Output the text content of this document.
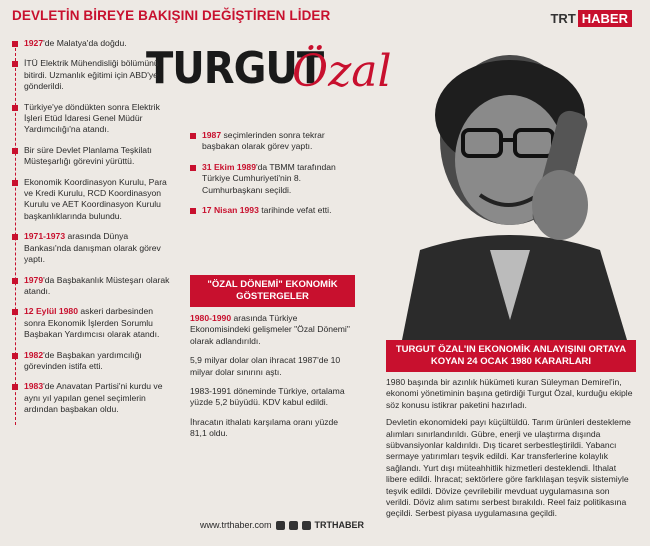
DEVLETİN BİREYE BAKIŞINI DEĞİŞTİREN LİDER	TRT HABER
TURGUT
Özal
1927'de Malatya'da doğdu.
İTÜ Elektrik Mühendisliği bölümünü bitirdi. Uzmanlık eğitimi için ABD'ye gönderildi.
Türkiye'ye döndükten sonra Elektrik İşleri Etüd İdaresi Genel Müdür Yardımcılığı'na atandı.
Bir süre Devlet Planlama Teşkilatı Müsteşarlığı görevini yürüttü.
Ekonomik Koordinasyon Kurulu, Para ve Kredi Kurulu, RCD Koordinasyon Kurulu ve AET Koordinasyon Kurulu başkanlıklarında bulundu.
1971-1973 arasında Dünya Bankası'nda danışman olarak görev yaptı.
1979'da Başbakanlık Müsteşarı olarak atandı.
12 Eylül 1980 askeri darbesinden sonra Ekonomik İşlerden Sorumlu Başbakan Yardımcısı olarak atandı.
1982'de Başbakan yardımcılığı görevinden istifa etti.
1983'de Anavatan Partisi'ni kurdu ve aynı yıl yapılan genel seçimlerin ardından başbakan oldu.
1987 seçimlerinden sonra tekrar başbakan olarak görev yaptı.
31 Ekim 1989'da TBMM tarafından Türkiye Cumhuriyeti'nin 8. Cumhurbaşkanı seçildi.
17 Nisan 1993 tarihinde vefat etti.
"ÖZAL DÖNEMİ" EKONOMİK GÖSTERGELER
1980-1990 arasında Türkiye Ekonomisindeki gelişmeler "Özal Dönemi" olarak adlandırıldı.
5,9 milyar dolar olan ihracat 1987'de 10 milyar dolar sınırını aştı.
1983-1991 döneminde Türkiye, ortalama yüzde 5,2 büyüdü. KDV kabul edildi.
İhracatın ithalatı karşılama oranı yüzde 81,1 oldu.
TURGUT ÖZAL'IN EKONOMİK ANLAYIŞINI ORTAYA KOYAN 24 OCAK 1980 KARARLARI
1980 başında bir azınlık hükümeti kuran Süleyman Demirel'in, ekonomi yönetiminin başına getirdiği Turgut Özal, kurduğu ekiple söz konusu istikrar paketini hazırladı.
Devletin ekonomideki payı küçültüldü. Tarım ürünleri destekleme alımları sınırlandırıldı. Gübre, enerji ve ulaştırma dışında sübvansiyonlar kaldırıldı. Dış ticaret serbestleştirildi. Yabancı sermaye yatırımları teşvik edildi. Kar transferlerine kolaylık sağlandı. Yurt dışı müteahhitlik hizmetleri desteklendi. İthalat libere edildi. İhracat; sektörlere göre farklılaşan teşvik sistemiyle teşvik edildi. Dövize çevrilebilir mevduat uygulamasına son verildi. Döviz alım satımı serbest bırakıldı. Reel faiz politikasına geçildi. Serbest piyasa uygulamasına geçildi.
www.trthaber.com	TRTHABER
